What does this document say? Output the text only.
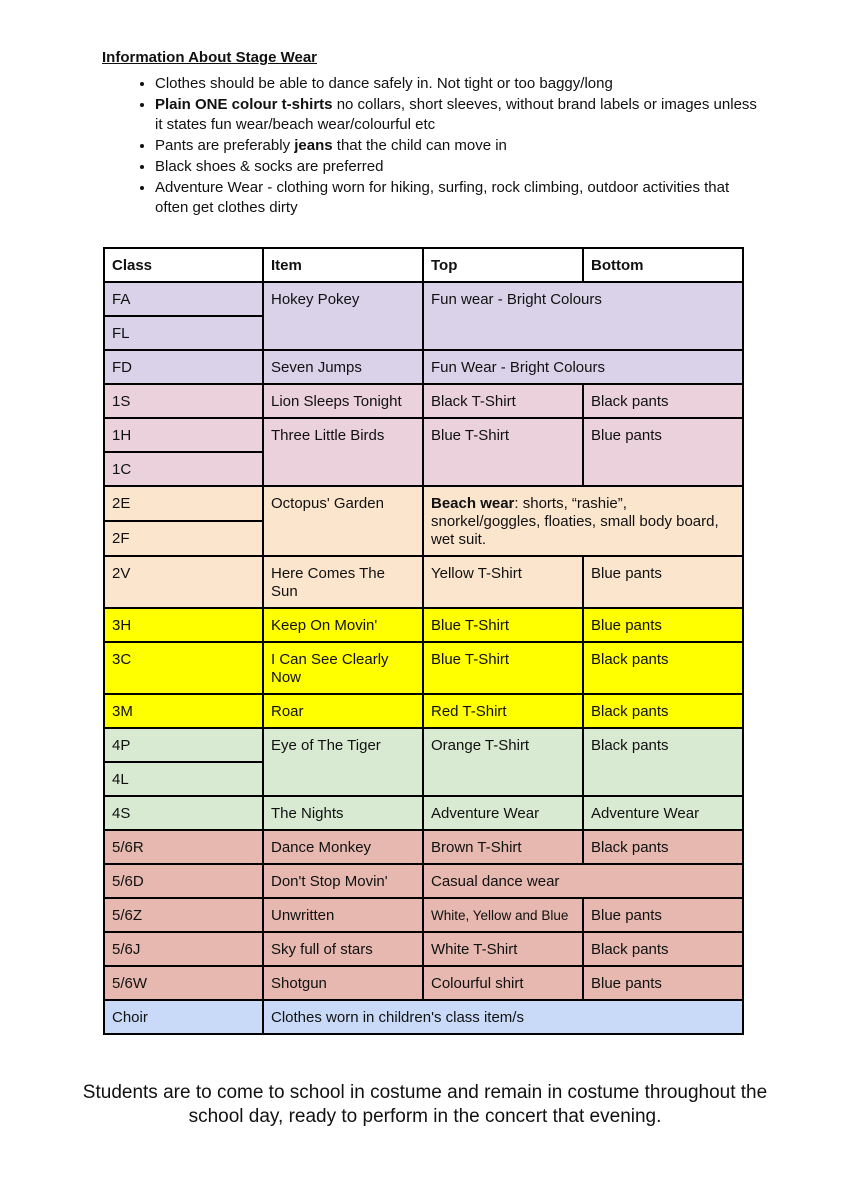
Information About Stage Wear

• Clothes should be able to dance safely in. Not tight or too baggy/long
• Plain ONE colour t-shirts no collars, short sleeves, without brand labels or images unless it states fun wear/beach wear/colourful etc
• Pants are preferably jeans that the child can move in
• Black shoes & socks are preferred
• Adventure Wear - clothing worn for hiking, surfing, rock climbing, outdoor activities that often get clothes dirty
Class	Item	Top	Bottom
FA	Hokey Pokey	Fun wear - Bright Colours	
FL			
FD	Seven Jumps	Fun Wear - Bright Colours	
1S	Lion Sleeps Tonight	Black T-Shirt	Black pants
1H	Three Little Birds	Blue T-Shirt	Blue pants
1C			
2E	Octopus' Garden	Beach wear: shorts, “rashie”, snorkel/goggles, floaties, small body board, wet suit.	
2F			
2V	Here Comes The Sun	Yellow T-Shirt	Blue pants
3H	Keep On Movin'	Blue T-Shirt	Blue pants
3C	I Can See Clearly Now	Blue T-Shirt	Black pants
3M	Roar	Red T-Shirt	Black pants
4P	Eye of The Tiger	Orange T-Shirt	Black pants
4L			
4S	The Nights	Adventure Wear	Adventure Wear
5/6R	Dance Monkey	Brown T-Shirt	Black pants
5/6D	Don't Stop Movin'	Casual dance wear	
5/6Z	Unwritten	White, Yellow and Blue	Blue pants
5/6J	Sky full of stars	White T-Shirt	Black pants
5/6W	Shotgun	Colourful shirt	Blue pants
Choir	Clothes worn in children's class item/s		

Students are to come to school in costume and remain in costume throughout the school day, ready to perform in the concert that evening.
